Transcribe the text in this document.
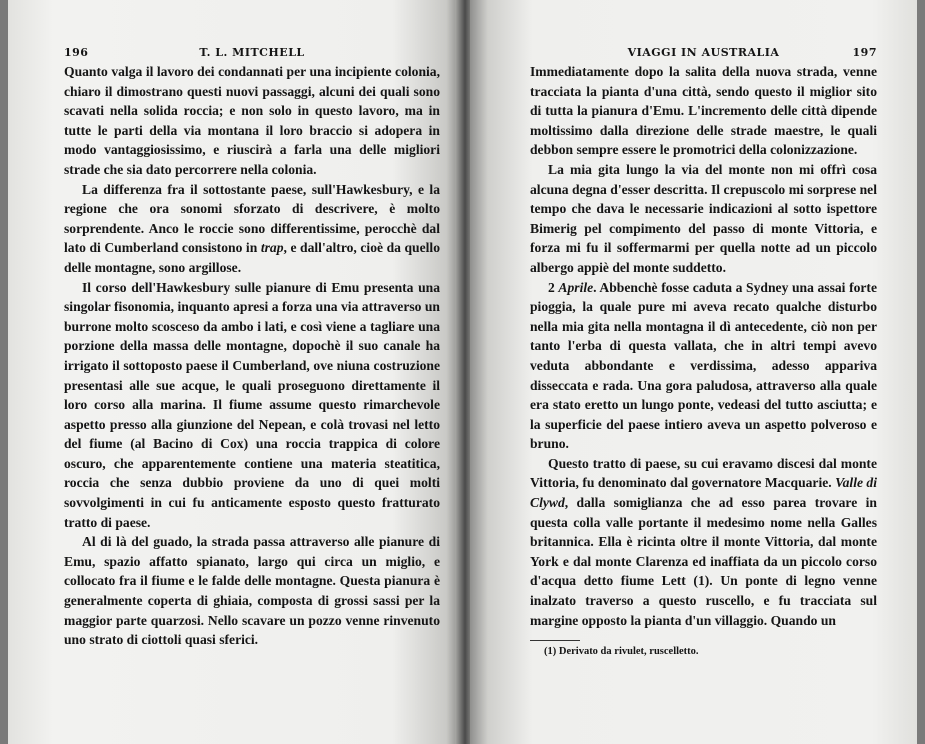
196	T. L. MITCHELL

Quanto valga il lavoro dei condannati per una incipiente colonia, chiaro il dimostrano questi nuovi passaggi, alcuni dei quali sono scavati nella solida roccia; e non solo in questo lavoro, ma in tutte le parti della via montana il loro braccio si adopera in modo vantaggiosissimo, e riuscirà a farla una delle migliori strade che sia dato percorrere nella colonia.

La differenza fra il sottostante paese, sull'Hawkesbury, e la regione che ora sonomi sforzato di descrivere, è molto sorprendente. Anco le roccie sono differentissime, perocchè dal lato di Cumberland consistono in trap, e dall'altro, cioè da quello delle montagne, sono argillose.

Il corso dell'Hawkesbury sulle pianure di Emu presenta una singolar fisonomia, inquanto apresi a forza una via attraverso un burrone molto scosceso da ambo i lati, e così viene a tagliare una porzione della massa delle montagne, dopochè il suo canale ha irrigato il sottoposto paese il Cumberland, ove niuna costruzione presentasi alle sue acque, le quali proseguono direttamente il loro corso alla marina. Il fiume assume questo rimarchevole aspetto presso alla giunzione del Nepean, e colà trovasi nel letto del fiume (al Bacino di Cox) una roccia trappica di colore oscuro, che apparentemente contiene una materia steatitica, roccia che senza dubbio proviene da uno di quei molti sovvolgimenti in cui fu anticamente esposto questo fratturato tratto di paese.

Al di là del guado, la strada passa attraverso alle pianure di Emu, spazio affatto spianato, largo qui circa un miglio, e collocato fra il fiume e le falde delle montagne. Questa pianura è generalmente coperta di ghiaia, composta di grossi sassi per la maggior parte quarzosi. Nello scavare un pozzo venne rinvenuto uno strato di ciottoli quasi sferici.

VIAGGI IN AUSTRALIA	197

Immediatamente dopo la salita della nuova strada, venne tracciata la pianta d'una città, sendo questo il miglior sito di tutta la pianura d'Emu. L'incremento delle città dipende moltissimo dalla direzione delle strade maestre, le quali debbon sempre essere le promotrici della colonizzazione.

La mia gita lungo la via del monte non mi offrì cosa alcuna degna d'esser descritta. Il crepuscolo mi sorprese nel tempo che dava le necessarie indicazioni al sotto ispettore Bimerig pel compimento del passo di monte Vittoria, e forza mi fu il soffermarmi per quella notte ad un piccolo albergo appiè del monte suddetto.

2 Aprile. Abbenchè fosse caduta a Sydney una assai forte pioggia, la quale pure mi aveva recato qualche disturbo nella mia gita nella montagna il dì antecedente, ciò non per tanto l'erba di questa vallata, che in altri tempi avevo veduta abbondante e verdissima, adesso appariva disseccata e rada. Una gora paludosa, attraverso alla quale era stato eretto un lungo ponte, vedeasi del tutto asciutta; e la superficie del paese intiero aveva un aspetto polveroso e bruno.

Questo tratto di paese, su cui eravamo discesi dal monte Vittoria, fu denominato dal governatore Macquarie. Valle di Clywd, dalla somiglianza che ad esso parea trovare in questa colla valle portante il medesimo nome nella Galles britannica. Ella è ricinta oltre il monte Vittoria, dal monte York e dal monte Clarenza ed inaffiata da un piccolo corso d'acqua detto fiume Lett (1). Un ponte di legno venne inalzato traverso a questo ruscello, e fu tracciata sul margine opposto la pianta d'un villaggio. Quando un

(1) Derivato da rivulet, ruscelletto.
